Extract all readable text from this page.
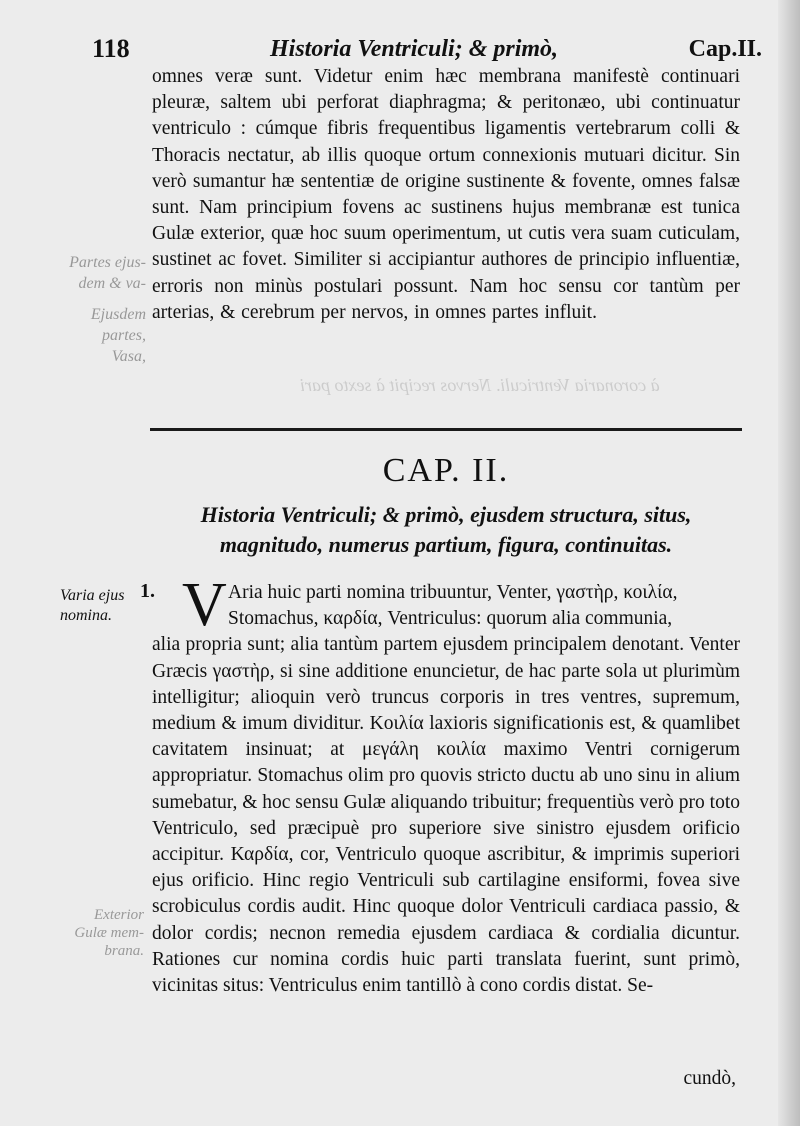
à coronaria Ventriculi. Nervos recipit à sexto pari
118	Historia Ventriculi; & primò,	Cap.II.
omnes veræ sunt. Videtur enim hæc membrana manifestè continuari pleuræ, saltem ubi perforat diaphragma; & peritonæo, ubi continuatur ventriculo : cúmque fibris frequentibus ligamentis vertebrarum colli & Thoracis nectatur, ab illis quoque ortum connexionis mutuari dicitur. Sin verò sumantur hæ sententiæ de origine sustinente & fovente, omnes falsæ sunt. Nam principium fovens ac sustinens hujus membranæ est tunica Gulæ exterior, quæ hoc suum operimentum, ut cutis vera suam cuticulam, sustinet ac fovet. Similiter si accipiantur authores de principio influentiæ, erroris non minùs postulari possunt. Nam hoc sensu cor tantùm per arterias, & cerebrum per nervos, in omnes partes influit.
Partes ejus-
dem & va-
Ejusdem
partes,
Vasa,
CAP. II.
Historia Ventriculi; & primò, ejusdem structura, situs, magnitudo, numerus partium, figura, continuitas.
Varia ejus nomina.
1. V Aria huic parti nomina tribuuntur, Venter, γαστὴρ, κοιλία,
Stomachus, καρδία, Ventriculus: quorum alia communia,
alia propria sunt; alia tantùm partem ejusdem principalem denotant. Venter Græcis γαστὴρ, si sine additione enuncietur, de hac parte sola ut plurimùm intelligitur; alioquin verò truncus corporis in tres ventres, supremum, medium & imum dividitur. Κοιλία laxioris significationis est, & quamlibet cavitatem insinuat; at μεγάλη κοιλία maximo Ventri cornigerum appropriatur. Stomachus olim pro quovis stricto ductu ab uno sinu in alium sumebatur, & hoc sensu Gulæ aliquando tribuitur; frequentiùs verò pro toto Ventriculo, sed præcipuè pro superiore sive sinistro ejusdem orificio accipitur. Καρδία, cor, Ventriculo quoque ascribitur, & imprimis superiori ejus orificio. Hinc regio Ventriculi sub cartilagine ensiformi, fovea sive scrobiculus cordis audit. Hinc quoque dolor Ventriculi cardiaca passio, & dolor cordis; necnon remedia ejusdem cardiaca & cordialia dicuntur. Rationes cur nomina cordis huic parti translata fuerint, sunt primò, vicinitas situs: Ventriculus enim tantillò à cono cordis distat. Se-
Exterior
Gulæ mem-
brana.
cundò,
